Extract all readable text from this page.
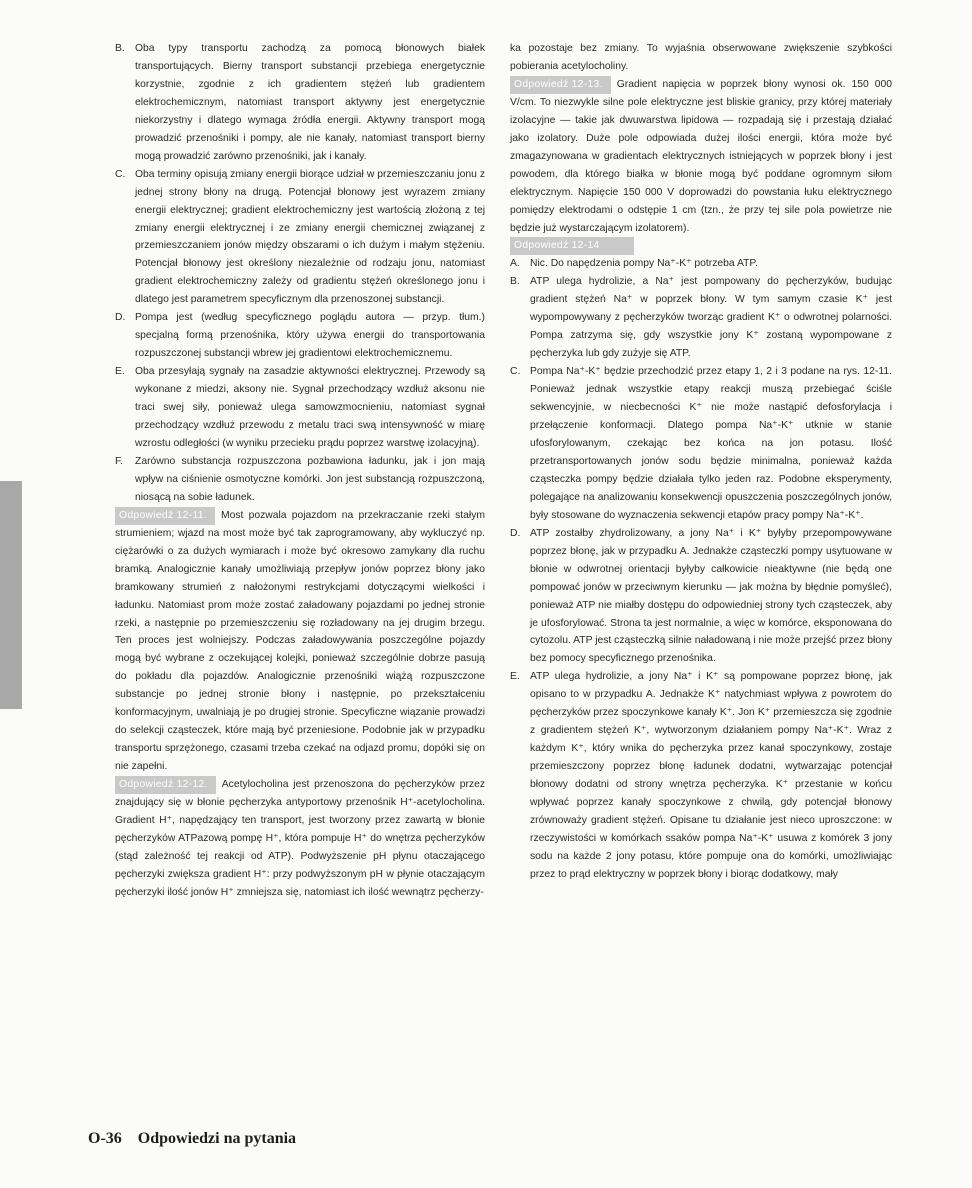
B. Oba typy transportu zachodzą za pomocą błonowych białek transportujących. Bierny transport substancji przebiega energetycznie korzystnie, zgodnie z ich gradientem stężeń lub gradientem elektrochemicznym, natomiast transport aktywny jest energetycznie niekorzystny i dlatego wymaga źródła energii. Aktywny transport mogą prowadzić przenośniki i pompy, ale nie kanały, natomiast transport bierny mogą prowadzić zarówno przenośniki, jak i kanały.
C. Oba terminy opisują zmiany energii biorące udział w przemieszczaniu jonu z jednej strony błony na drugą. Potencjał błonowy jest wyrazem zmiany energii elektrycznej; gradient elektrochemiczny jest wartością złożoną z tej zmiany energii elektrycznej i ze zmiany energii chemicznej związanej z przemieszczaniem jonów między obszarami o ich dużym i małym stężeniu. Potencjał błonowy jest określony niezależnie od rodzaju jonu, natomiast gradient elektrochemiczny zależy od gradientu stężeń określonego jonu i dlatego jest parametrem specyficznym dla przenoszonej substancji.
D. Pompa jest (według specyficznego poglądu autora — przyp. tłum.) specjalną formą przenośnika, który używa energii do transportowania rozpuszczonej substancji wbrew jej gradientowi elektrochemicznemu.
E. Oba przesyłają sygnały na zasadzie aktywności elektrycznej. Przewody są wykonane z miedzi, aksony nie. Sygnał przechodzący wzdłuż aksonu nie traci swej siły, ponieważ ulega samowzmocnieniu, natomiast sygnał przechodzący wzdłuż przewodu z metalu traci swą intensywność w miarę wzrostu odległości (w wyniku przecieku prądu poprzez warstwę izolacyjną).
F.	Zarówno substancja rozpuszczona pozbawiona ładunku, jak i jon mają wpływ na ciśnienie osmotyczne komórki. Jon jest substancją rozpuszczoną, niosącą na sobie ładunek.

Odpowiedź 12-11. Most pozwala pojazdom na przekraczanie rzeki stałym strumieniem; wjazd na most może być tak zaprogramowany, aby wykluczyć np. ciężarówki o za dużych wymiarach i może być okresowo zamykany dla ruchu bramką. Analogicznie kanały umożliwiają przepływ jonów poprzez błony jako bramkowany strumień z nałożonymi restrykcjami dotyczącymi wielkości i ładunku. Natomiast prom może zostać załadowany pojazdami po jednej stronie rzeki, a następnie po przemieszczeniu się rozładowany na jej drugim brzegu. Ten proces jest wolniejszy. Podczas załadowywania poszczególne pojazdy mogą być wybrane z oczekującej kolejki, ponieważ szczególnie dobrze pasują do pokładu dla pojazdów. Analogicznie przenośniki wiążą rozpuszczone substancje po jednej stronie błony i następnie, po przekształceniu konformacyjnym, uwalniają je po drugiej stronie. Specyficzne wiązanie prowadzi do selekcji cząsteczek, które mają być przeniesione. Podobnie jak w przypadku transportu sprzężonego, czasami trzeba czekać na odjazd promu, dopóki się on nie zapełni.

Odpowiedź 12-12. Acetylocholina jest przenoszona do pęcherzyków przez znajdujący się w błonie pęcherzyka antyportowy przenośnik H⁺-acetylocholina. Gradient H⁺, napędzający ten transport, jest tworzony przez zawartą w błonie pęcherzyków ATPazową pompę H⁺, która pompuje H⁺ do wnętrza pęcherzyków (stąd zależność tej reakcji od ATP). Podwyższenie pH płynu otaczającego pęcherzyki zwiększa gradient H⁺: przy podwyższonym pH w płynie otaczającym pęcherzyki ilość jonów H⁺ zmniejsza się, natomiast ich ilość wewnątrz pęcherzy-

ka pozostaje bez zmiany. To wyjaśnia obserwowane zwiększenie szybkości pobierania acetylocholiny.

Odpowiedź 12-13. Gradient napięcia w poprzek błony wynosi ok. 150 000 V/cm. To niezwykle silne pole elektryczne jest bliskie granicy, przy której materiały izolacyjne — takie jak dwuwarstwa lipidowa — rozpadają się i przestają działać jako izolatory. Duże pole odpowiada dużej ilości energii, która może być zmagazynowana w gradientach elektrycznych istniejących w poprzek błony i jest powodem, dla którego białka w błonie mogą być poddane ogromnym siłom elektrycznym. Napięcie 150 000 V doprowadzi do powstania łuku elektrycznego pomiędzy elektrodami o odstępie 1 cm (tzn., że przy tej sile pola powietrze nie będzie już wystarczającym izolatorem).

Odpowiedź 12-14
A. Nic. Do napędzenia pompy Na⁺-K⁺ potrzeba ATP.
B. ATP ulega hydrolizie, a Na⁺ jest pompowany do pęcherzyków, budując gradient stężeń Na⁺ w poprzek błony. W tym samym czasie K⁺ jest wypompowywany z pęcherzyków tworząc gradient K⁺ o odwrotnej polarności. Pompa zatrzyma się, gdy wszystkie jony K⁺ zostaną wypompowane z pęcherzyka lub gdy zużyje się ATP.
C. Pompa Na⁺-K⁺ będzie przechodzić przez etapy 1, 2 i 3 podane na rys. 12-11. Ponieważ jednak wszystkie etapy reakcji muszą przebiegać ściśle sekwencyjnie, w niecbecności K⁺ nie może nastąpić defosforylacja i przełączenie konformacji. Dlatego pompa Na⁺-K⁺ utknie w stanie ufosforylowanym, czekając bez końca na jon potasu. Ilość przetransportowanych jonów sodu będzie minimalna, ponieważ każda cząsteczka pompy będzie działała tylko jeden raz. Podobne eksperymenty, polegające na analizowaniu konsekwencji opuszczenia poszczególnych jonów, były stosowane do wyznaczenia sekwencji etapów pracy pompy Na⁺-K⁺.
D. ATP zostałby zhydrolizowany, a jony Na⁺ i K⁺ byłyby przepompowywane poprzez błonę, jak w przypadku A. Jednakże cząsteczki pompy usytuowane w błonie w odwrotnej orientacji byłyby całkowicie nieaktywne (nie będą one pompować jonów w przeciwnym kierunku — jak można by błędnie pomyśleć), ponieważ ATP nie miałby dostępu do odpowiedniej strony tych cząsteczek, aby je ufosforylować. Strona ta jest normalnie, a więc w komórce, eksponowana do cytozolu. ATP jest cząsteczką silnie naładowaną i nie może przejść przez błony bez pomocy specyficznego przenośnika.
E. ATP ulega hydrolizie, a jony Na⁺ i K⁺ są pompowane poprzez błonę, jak opisano to w przypadku A. Jednakże K⁺ natychmiast wpływa z powrotem do pęcherzyków przez spoczynkowe kanały K⁺. Jon K⁺ przemieszcza się zgodnie z gradientem stężeń K⁺, wytworzonym działaniem pompy Na⁺-K⁺. Wraz z każdym K⁺, który wnika do pęcherzyka przez kanał spoczynkowy, zostaje przemieszczony poprzez błonę ładunek dodatni, wytwarzając potencjał błonowy dodatni od strony wnętrza pęcherzyka. K⁺ przestanie w końcu wpływać poprzez kanały spoczynkowe z chwilą, gdy potencjał błonowy zrównoważy gradient stężeń. Opisane tu działanie jest nieco uproszczone: w rzeczywistości w komórkach ssaków pompa Na⁺-K⁺ usuwa z komórek 3 jony sodu na każde 2 jony potasu, które pompuje ona do komórki, umożliwiając przez to prąd elektryczny w poprzek błony i biorąc dodatkowy, mały
O-36 Odpowiedzi na pytania
